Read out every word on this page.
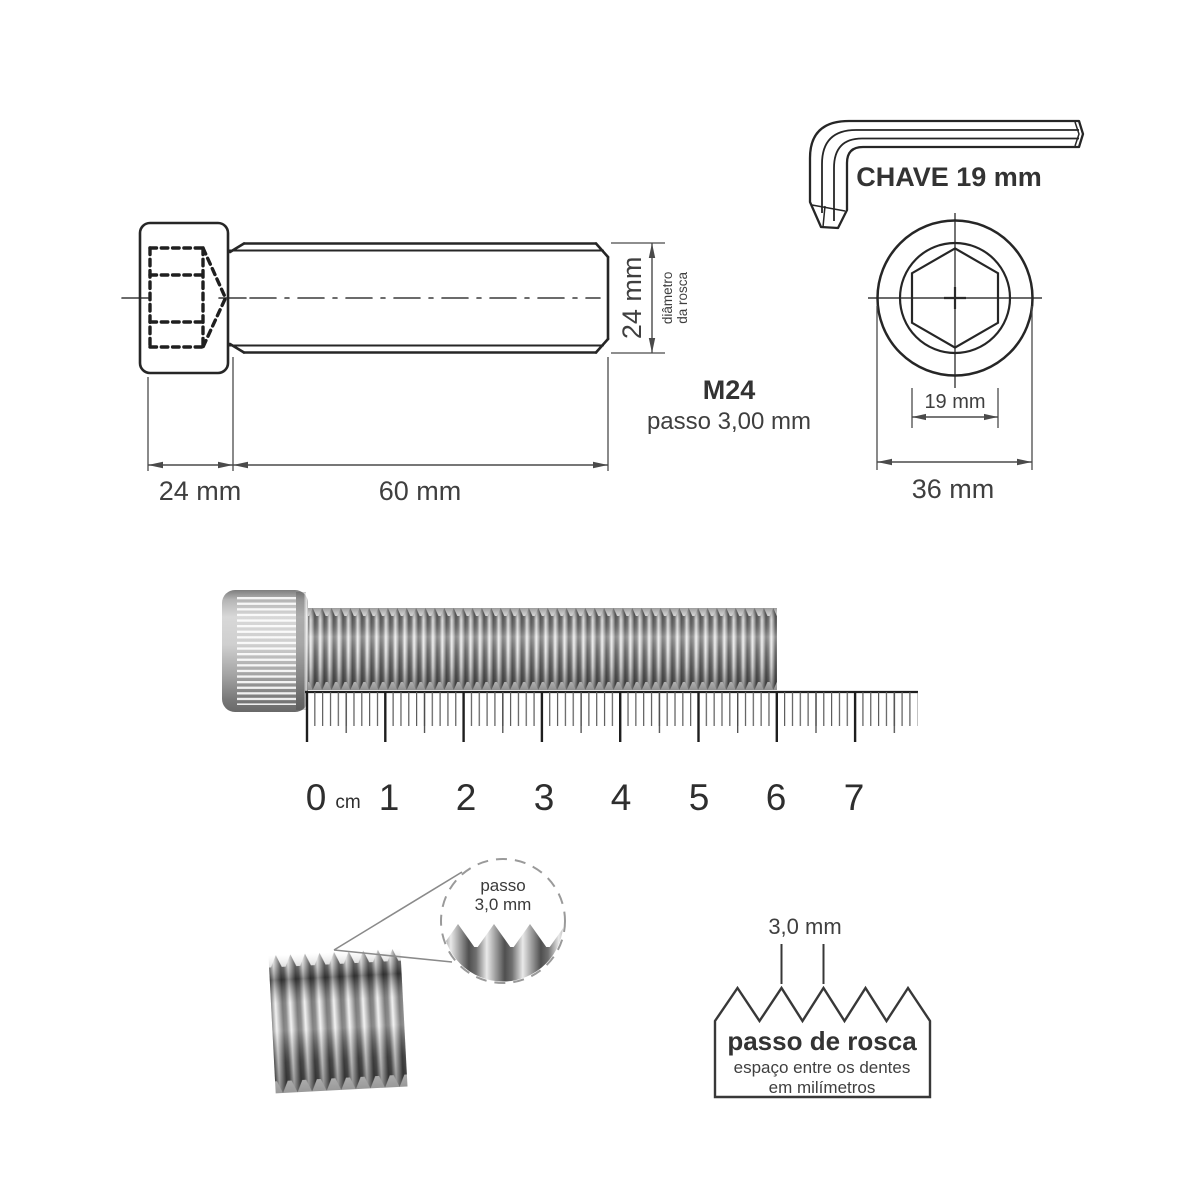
24 mm	60 mm
24 mm diâmetro da rosca
M24
passo 3,00 mm
CHAVE 19 mm
19 mm
36 mm
0 cm 1	2	3	4	5	6	7
passo
3,0 mm
3,0 mm
passo de rosca
espaço entre os dentes
em milímetros
